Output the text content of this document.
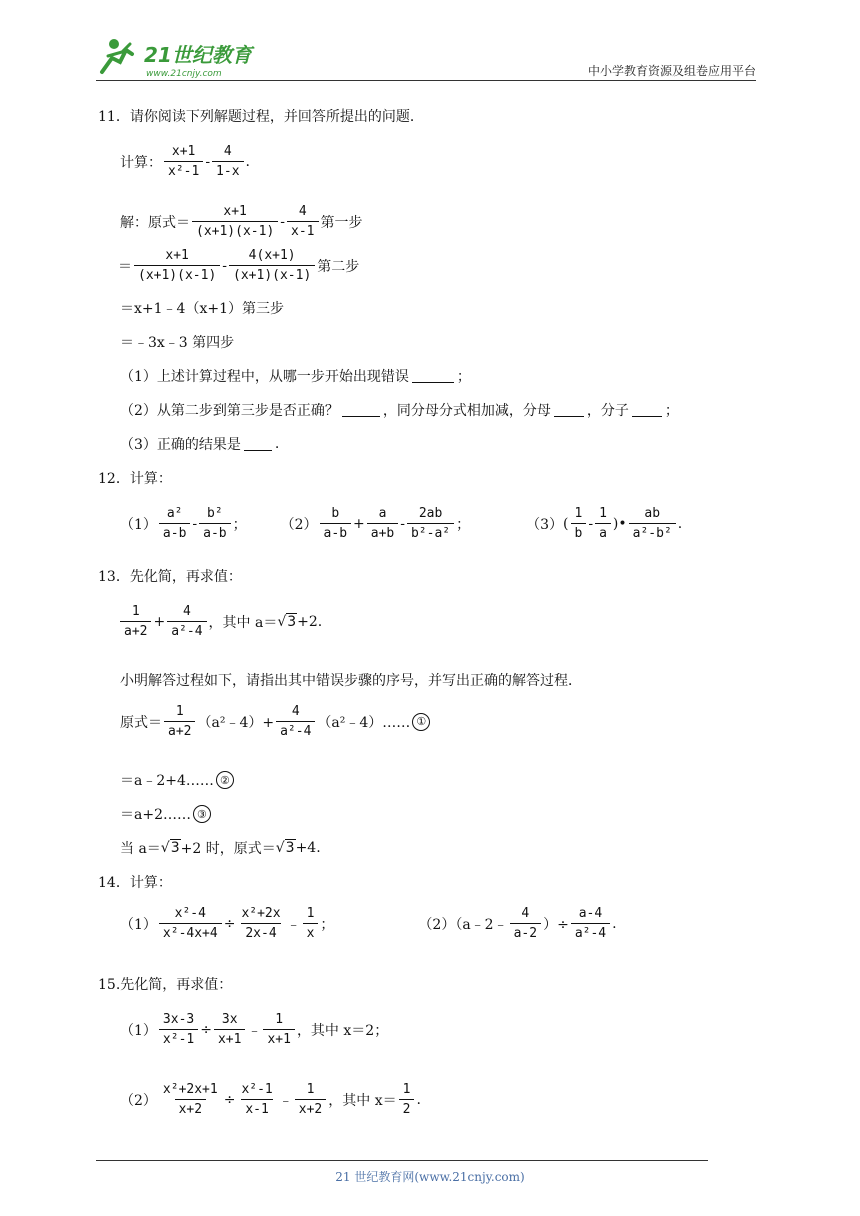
21世纪教育
www.21cnjy.com	中小学教育资源及组卷应用平台
11．请你阅读下列解题过程，并回答所提出的问题．
计算： $\frac{x+1}{\text{x²-1}} - \frac{4}{1-x}$ .
解：原式＝ $\frac{x+1}{(x+1)(x-1)} - \frac{4}{x-1}$ 第一步
＝ $\frac{x+1}{(x+1)(x-1)} - \frac{4(x+1)}{(x+1)(x-1)}$ 第二步
＝x+1﹣4（x+1）第三步
＝﹣3x﹣3 第四步
（1）上述计算过程中，从哪一步开始出现错误	；
（2）从第二步到第三步是否正确？	，同分母分式相加减，分母	，分子	；
（3）正确的结果是 .
12．计算：
$(1) \frac{\text{a²}}{a-b} - \frac{\text{b²}}{a-b}$ ； $(2) \frac{b}{a-b} + \frac{a}{a+b} - \frac{2ab}{\text{b²-a²}}$ ；	（3） ( $\frac{1}{b} - \frac{1}{a}$ )• $\frac{ab}{\text{a²-b²}}$ .
13．先化简，再求值：
$\frac{1}{a+2} + \frac{4}{\text{a²-4}}$ ，其中 a＝ √3 +2.
小明解答过程如下，请指出其中错误步骤的序号，并写出正确的解答过程．
原式＝ $\frac{1}{a+2}$ （a²﹣4）+ $\frac{4}{\text{a²-4}}$ （a²﹣4）…… ①
＝a﹣2+4…… ②
＝a+2…… ③
当 a＝ √3 +2 时，原式＝ √3 +4.
14．计算：
$(1) \frac{\text{x²-4}}{\text{x²-4x+4}} \div \frac{\text{x²+2x}}{2x-4}$ ﹣ $\frac{1}{x}$ ；	（2）（a﹣2﹣ $\frac{4}{a-2}$ ）÷ $\frac{a-4}{\text{a²-4}}$ .
15.先化简，再求值：
$(1) \frac{3x-3}{\text{x²-1}} \div \frac{3x}{x+1}$ ﹣ $\frac{1}{x+1}$ ，其中 x＝2；
$(2) \frac{\text{x²+2x+1}}{x+2} \div \frac{\text{x²-1}}{x-1}$ ﹣ $\frac{1}{x+2}$ ，其中 $x= \frac{1}{2}$ .
21 世纪教育网(www.21cnjy.com)
